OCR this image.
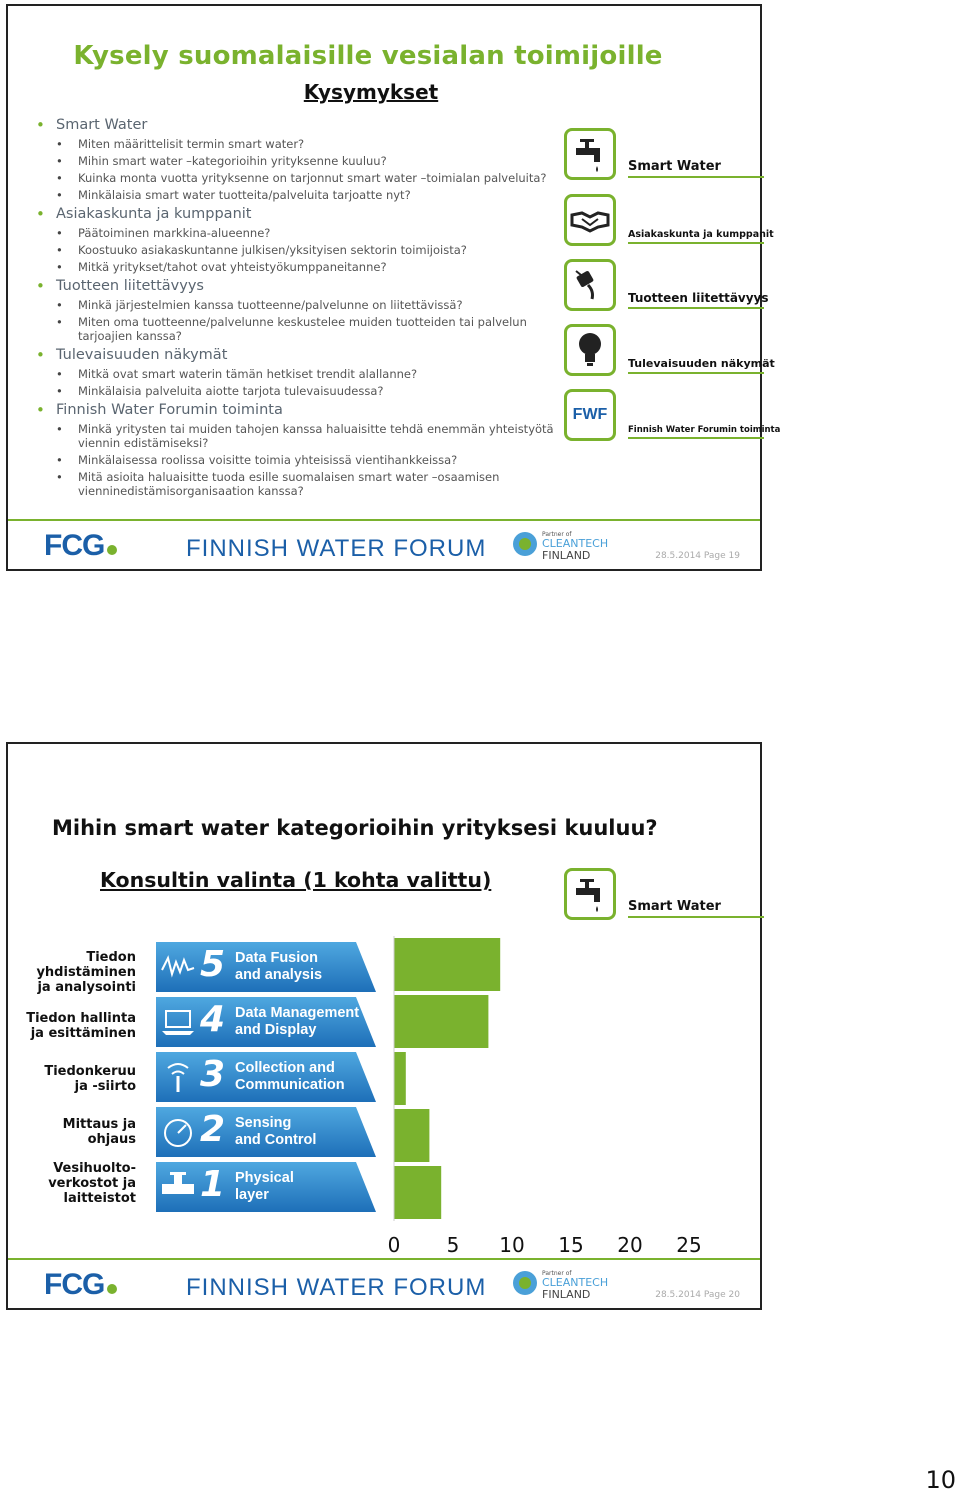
Kysely suomalaisille vesialan toimijoille
Kysymykset
• Smart Water
• Miten määrittelisit termin smart water?
• Mihin smart water –kategorioihin yrityksenne kuuluu?
• Kuinka monta vuotta yrityksenne on tarjonnut smart water –toimialan palveluita?
• Minkälaisia smart water tuotteita/palveluita tarjoatte nyt?
• Asiakaskunta ja kumppanit
• Päätoiminen markkina-alueenne?
• Koostuuko asiakaskuntanne julkisen/yksityisen sektorin toimijoista?
• Mitkä yritykset/tahot ovat yhteistyökumppaneitanne?
• Tuotteen liitettävyys
• Minkä järjestelmien kanssa tuotteenne/palvelunne on liitettävissä?
• Miten oma tuotteenne/palvelunne keskustelee muiden tuotteiden tai palvelun tarjoajien kanssa?
• Tulevaisuuden näkymät
• Mitkä ovat smart waterin tämän hetkiset trendit alallanne?
• Minkälaisia palveluita aiotte tarjota tulevaisuudessa?
• Finnish Water Forumin toiminta
• Minkä yritysten tai muiden tahojen kanssa haluaisitte tehdä enemmän yhteistyötä viennin edistämiseksi?
• Minkälaisessa roolissa voisitte toimia yhteisissä vientihankkeissa?
• Mitä asioita haluaisitte tuoda esille suomalaisen smart water –osaamisen vienninedistämisorganisaation kanssa?
Smart Water
Asiakaskunta ja kumppanit
Tuotteen liitettävyys
Tulevaisuuden näkymät
FWF
Finnish Water Forumin toiminta
FCG	FINNISH WATER FORUM
Partner of
CLEANTECH
FINLAND	28.5.2014 Page 19
Mihin smart water kategorioihin yrityksesi kuuluu?
Konsultin valinta (1 kohta valittu)
Smart Water
Tiedon
yhdistäminen
ja analysointi
Tiedon hallinta
ja esittäminen
Tiedonkeruu
ja -siirto
Mittaus ja
ohjaus
Vesihuolto-
verkostot ja
laitteistot
5 Data Fusion
and analysis
4 Data Management
and Display
3 Collection and
Communication
2 Sensing
and Control
1 Physical
layer
0 5 10 15 20 25
FCG	FINNISH WATER FORUM
Partner of
CLEANTECH
FINLAND	28.5.2014 Page 20
10
